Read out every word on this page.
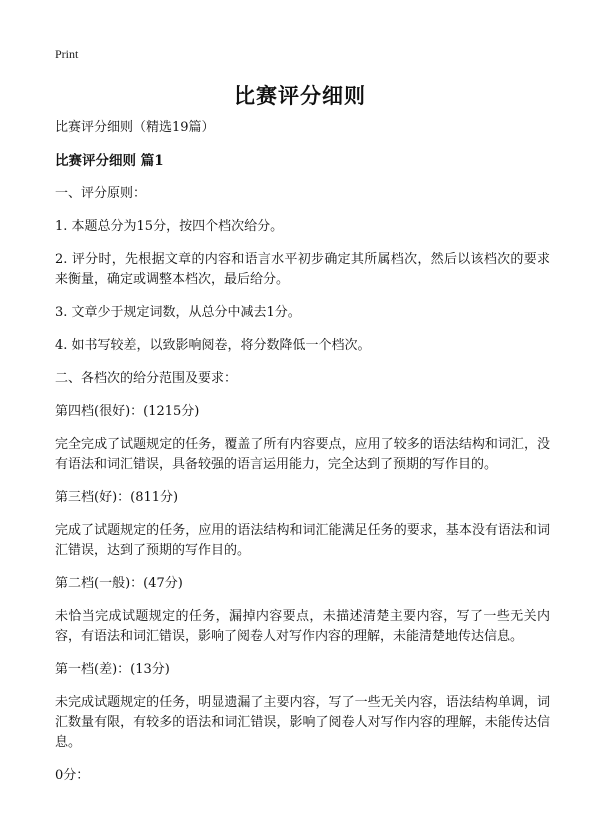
Print
比赛评分细则

比赛评分细则（精选19篇）

比赛评分细则 篇1

一、评分原则：

1. 本题总分为15分，按四个档次给分。

2. 评分时，先根据文章的内容和语言水平初步确定其所属档次，然后以该档次的要求来衡量，确定或调整本档次，最后给分。

3. 文章少于规定词数，从总分中减去1分。

4. 如书写较差，以致影响阅卷，将分数降低一个档次。

二、各档次的给分范围及要求：

第四档(很好)：(1215分)

完全完成了试题规定的任务，覆盖了所有内容要点，应用了较多的语法结构和词汇，没有语法和词汇错误，具备较强的语言运用能力，完全达到了预期的写作目的。

第三档(好)：(811分)

完成了试题规定的任务，应用的语法结构和词汇能满足任务的要求，基本没有语法和词汇错误，达到了预期的写作目的。

第二档(一般)：(47分)

未恰当完成试题规定的任务，漏掉内容要点，未描述清楚主要内容，写了一些无关内容，有语法和词汇错误，影响了阅卷人对写作内容的理解，未能清楚地传达信息。

第一档(差)：(13分)

未完成试题规定的任务，明显遗漏了主要内容，写了一些无关内容，语法结构单调，词汇数量有限，有较多的语法和词汇错误，影响了阅卷人对写作内容的理解，未能传达信息。

0分：
